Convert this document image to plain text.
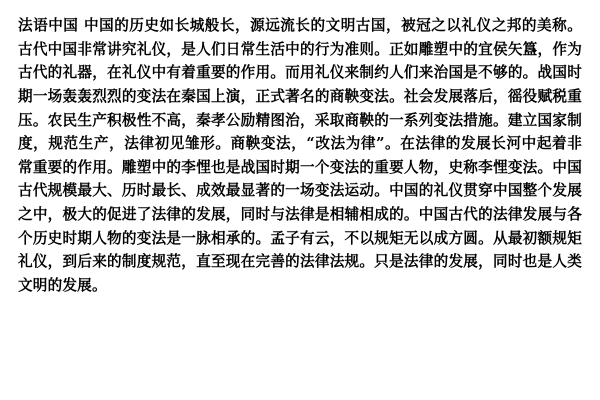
法语中国 中国的历史如长城般长，源远流长的文明古国，被冠之以礼仪之邦的美称。古代中国非常讲究礼仪，是人们日常生活中的行为准则。正如雕塑中的宜侯矢簋，作为古代的礼器，在礼仪中有着重要的作用。而用礼仪来制约人们来治国是不够的。战国时期一场轰轰烈烈的变法在秦国上演，正式著名的商鞅变法。社会发展落后，徭役赋税重压。农民生产积极性不高，秦孝公励精图治，采取商鞅的一系列变法措施。建立国家制度，规范生产，法律初见雏形。商鞅变法，“改法为律”。在法律的发展长河中起着非常重要的作用。雕塑中的李悝也是战国时期一个变法的重要人物，史称李悝变法。中国古代规模最大、历时最长、成效最显著的一场变法运动。中国的礼仪贯穿中国整个发展之中，极大的促进了法律的发展，同时与法律是相辅相成的。中国古代的法律发展与各个历史时期人物的变法是一脉相承的。孟子有云，不以规矩无以成方圆。从最初额规矩礼仪，到后来的制度规范，直至现在完善的法律法规。只是法律的发展，同时也是人类文明的发展。
